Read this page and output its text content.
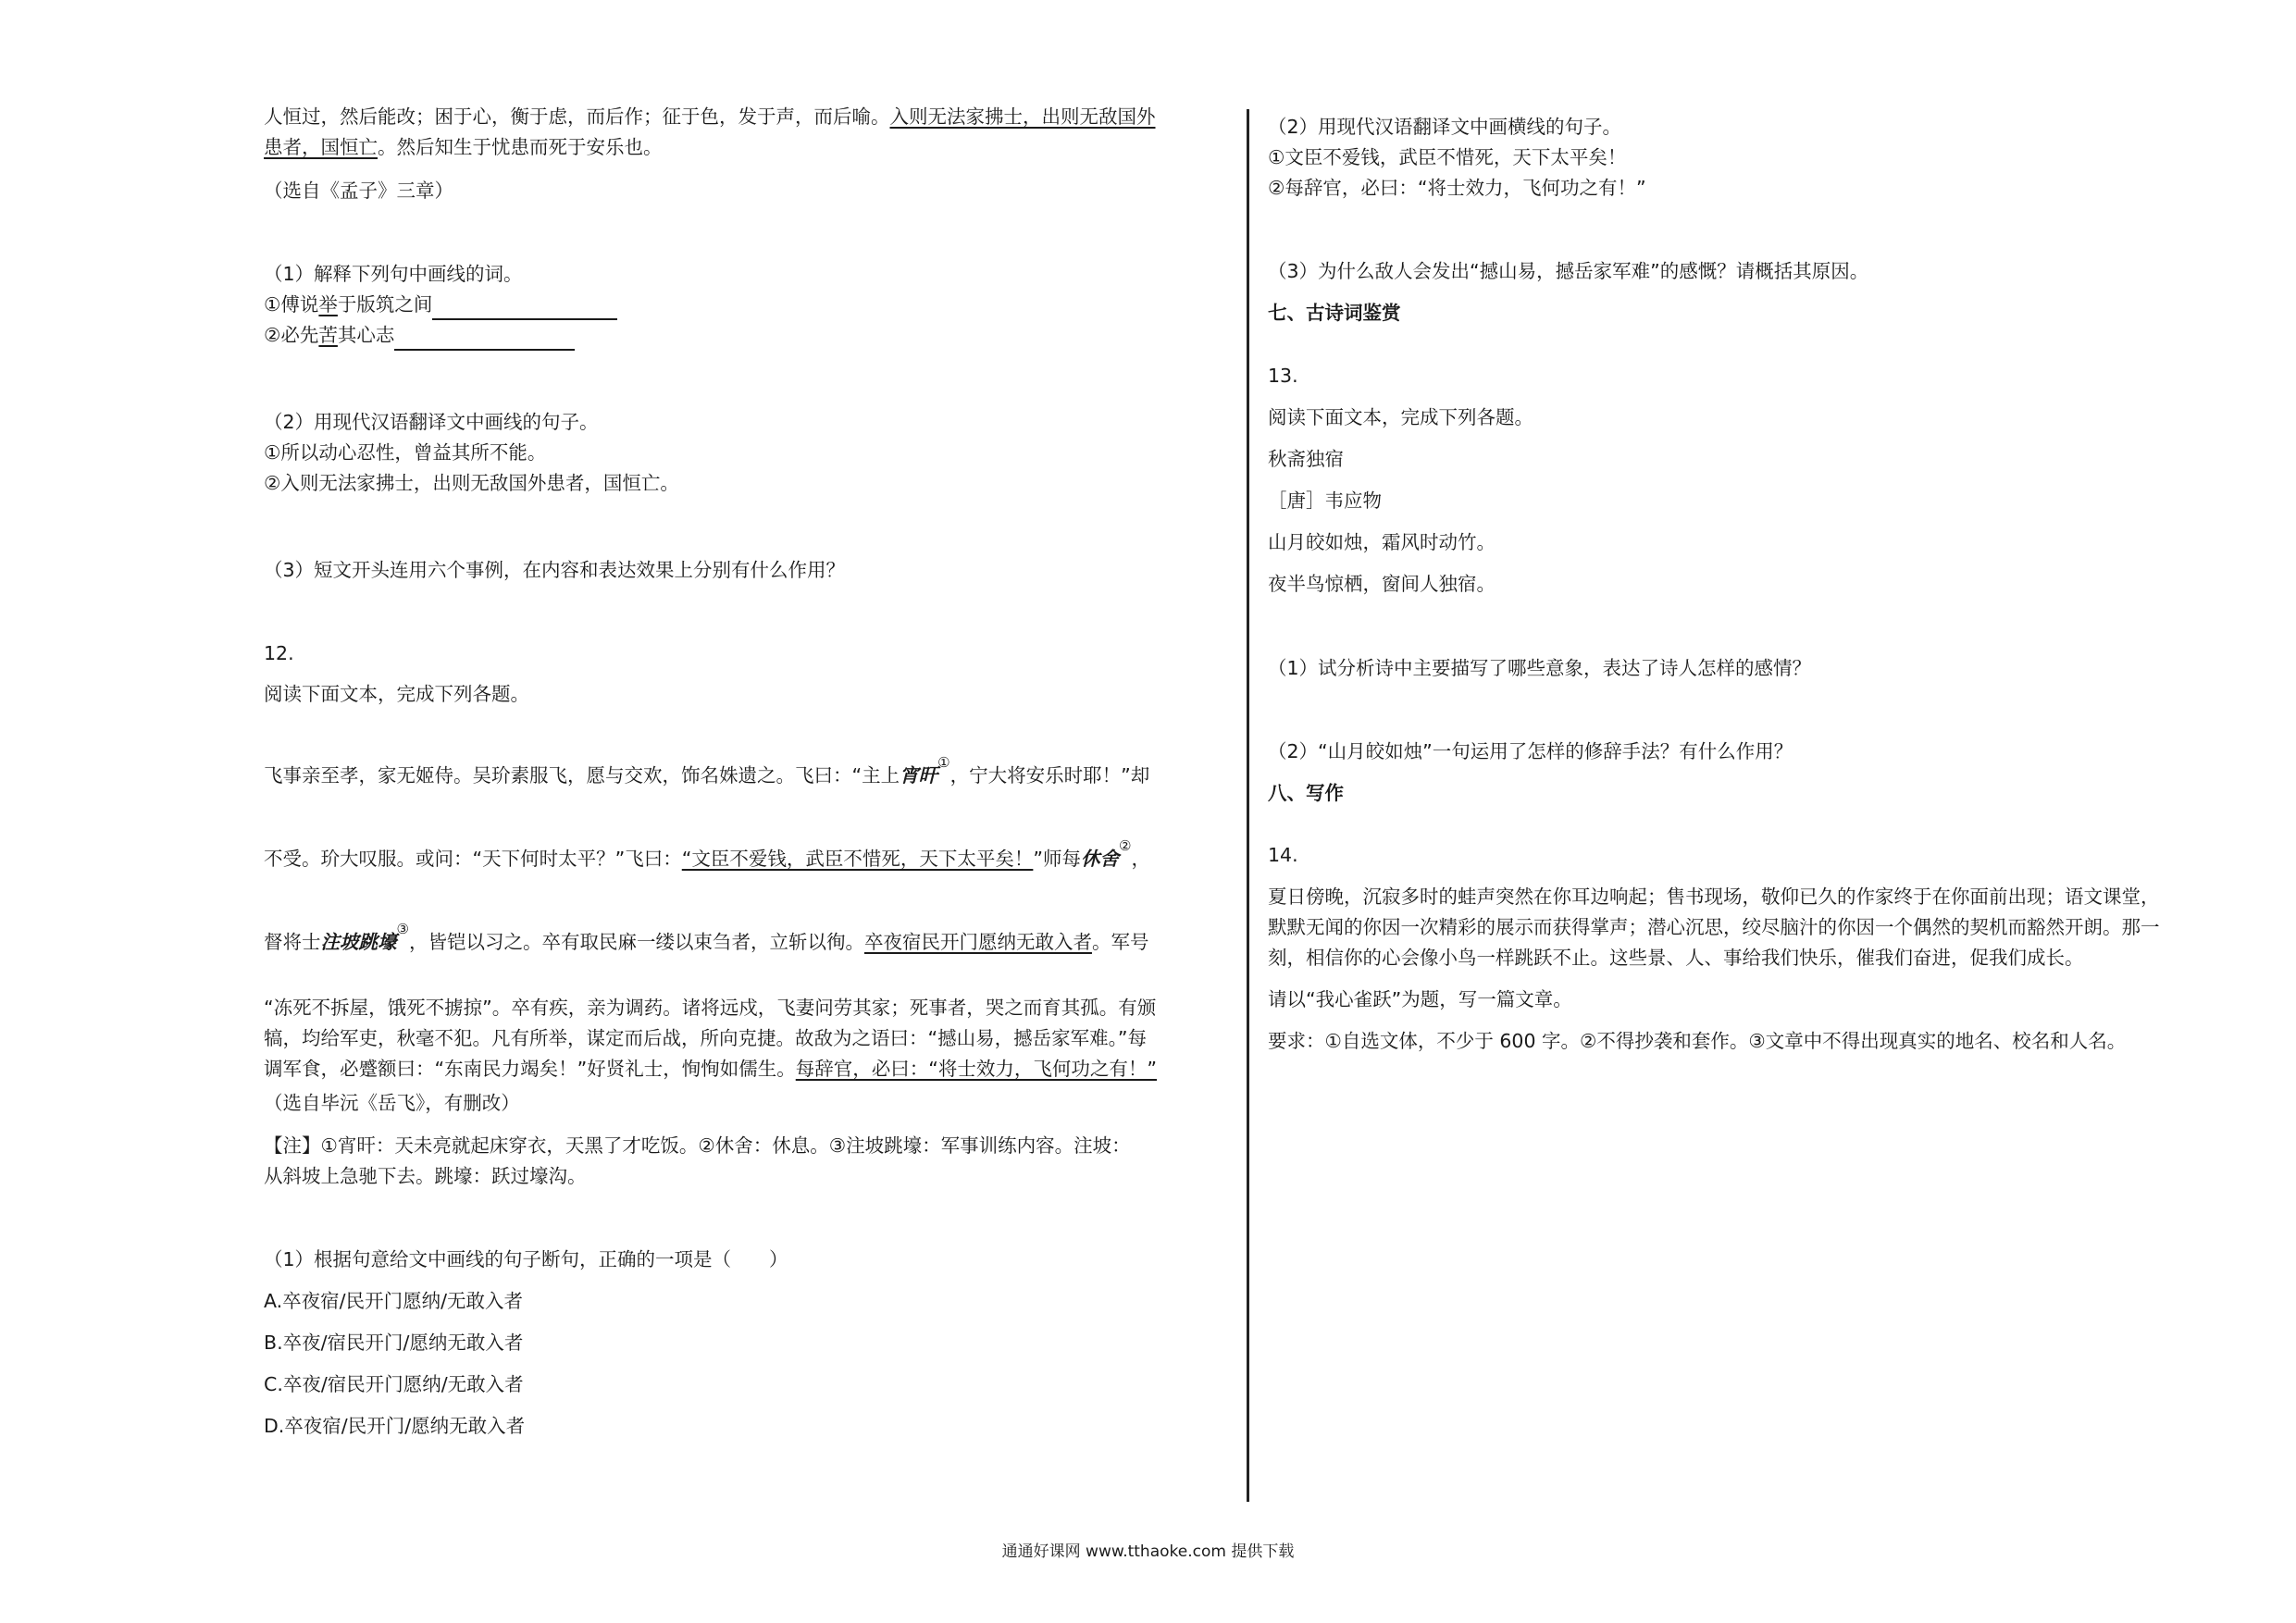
人恒过，然后能改；困于心，衡于虑，而后作；征于色，发于声，而后喻。入则无法家拂士，出则无敌国外
患者，国恒亡。然后知生于忧患而死于安乐也。
（选自《孟子》三章）
（1）解释下列句中画线的词。
①傅说举于版筑之间
②必先苦其心志
（2）用现代汉语翻译文中画线的句子。
①所以动心忍性，曾益其所不能。
②入则无法家拂士，出则无敌国外患者，国恒亡。
（3）短文开头连用六个事例，在内容和表达效果上分别有什么作用？
12.
阅读下面文本，完成下列各题。
飞事亲至孝，家无姬侍。吴玠素服飞，愿与交欢，饰名姝遗之。飞曰：“主上宵旰①，宁大将安乐时耶！”却
不受。玠大叹服。或问：“天下何时太平？”飞曰：“文臣不爱钱，武臣不惜死，天下太平矣！”师每休舍②，
督将士注坡跳壕③，皆铠以习之。卒有取民麻一缕以束刍者，立斩以徇。卒夜宿民开门愿纳无敢入者。军号
“冻死不拆屋，饿死不掳掠”。卒有疾，亲为调药。诸将远戍，飞妻问劳其家；死事者，哭之而育其孤。有颁
犒，均给军吏，秋毫不犯。凡有所举，谋定而后战，所向克捷。故敌为之语曰：“撼山易，撼岳家军难。”每
调军食，必蹙额曰：“东南民力竭矣！”好贤礼士，恂恂如儒生。每辞官，必曰：“将士效力，飞何功之有！”
（选自毕沅《岳飞》，有删改）
【注】①宵旰：天未亮就起床穿衣，天黑了才吃饭。②休舍：休息。③注坡跳壕：军事训练内容。注坡：
从斜坡上急驰下去。跳壕：跃过壕沟。
（1）根据句意给文中画线的句子断句，正确的一项是（　　）
A.卒夜宿/民开门愿纳/无敢入者
B.卒夜/宿民开门/愿纳无敢入者
C.卒夜/宿民开门愿纳/无敢入者
D.卒夜宿/民开门/愿纳无敢入者
（2）用现代汉语翻译文中画横线的句子。
①文臣不爱钱，武臣不惜死，天下太平矣！
②每辞官，必曰：“将士效力，飞何功之有！”
（3）为什么敌人会发出“撼山易，撼岳家军难”的感慨？请概括其原因。
七、古诗词鉴赏
13.
阅读下面文本，完成下列各题。
秋斋独宿
［唐］韦应物
山月皎如烛，霜风时动竹。
夜半鸟惊栖，窗间人独宿。
（1）试分析诗中主要描写了哪些意象，表达了诗人怎样的感情？
（2）“山月皎如烛”一句运用了怎样的修辞手法？有什么作用？
八、写作
14.
夏日傍晚，沉寂多时的蛙声突然在你耳边响起；售书现场，敬仰已久的作家终于在你面前出现；语文课堂，
默默无闻的你因一次精彩的展示而获得掌声；潜心沉思，绞尽脑汁的你因一个偶然的契机而豁然开朗。那一
刻，相信你的心会像小鸟一样跳跃不止。这些景、人、事给我们快乐，催我们奋进，促我们成长。
请以“我心雀跃”为题，写一篇文章。
要求：①自选文体，不少于 600 字。②不得抄袭和套作。③文章中不得出现真实的地名、校名和人名。
通通好课网 www.tthaoke.com 提供下载
